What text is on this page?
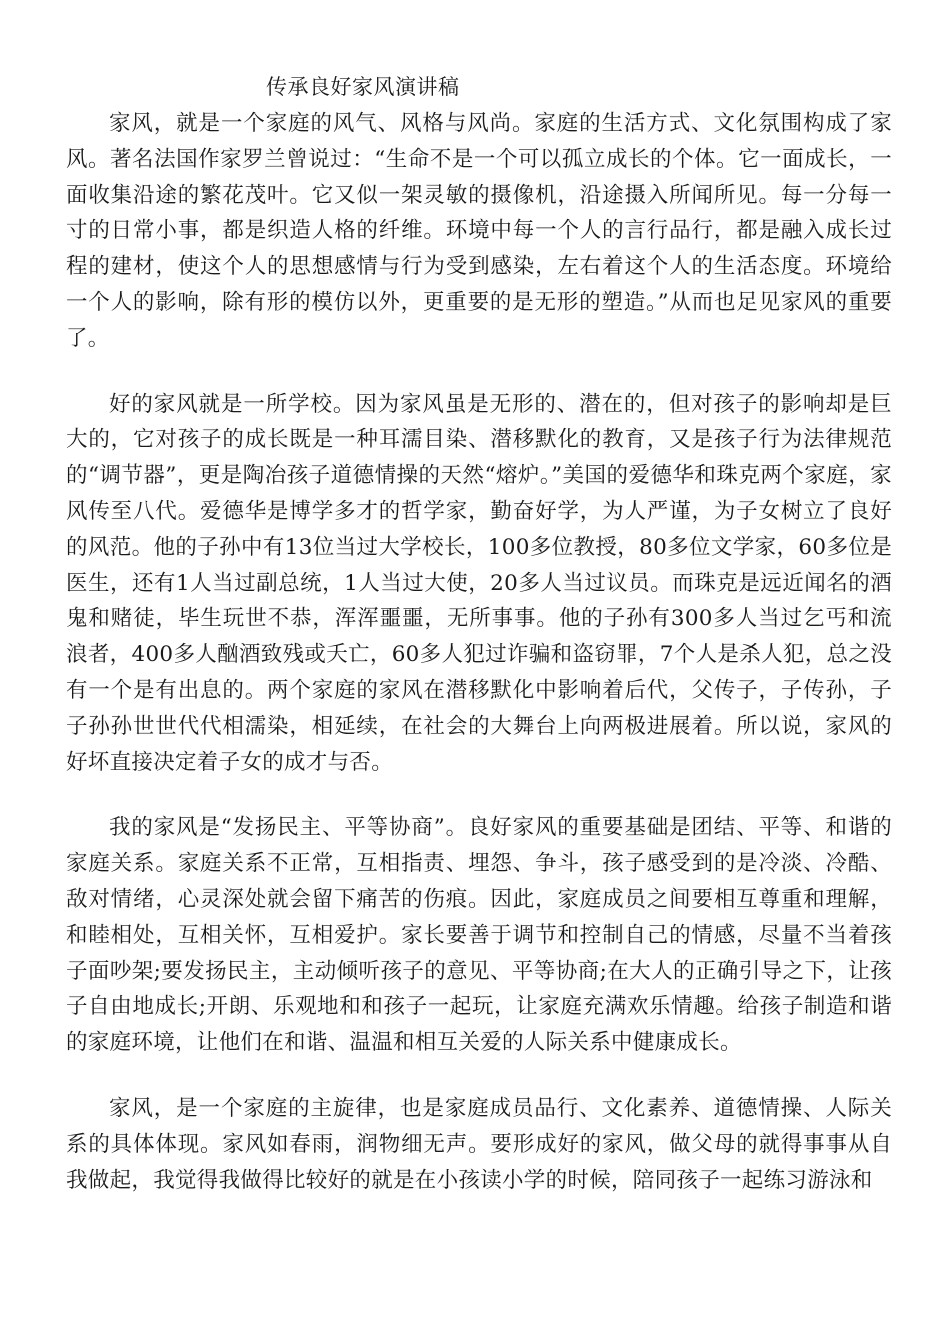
传承良好家风演讲稿

家风，就是一个家庭的风气、风格与风尚。家庭的生活方式、文化氛围构成了家风。著名法国作家罗兰曾说过：“生命不是一个可以孤立成长的个体。它一面成长，一面收集沿途的繁花茂叶。它又似一架灵敏的摄像机，沿途摄入所闻所见。每一分每一寸的日常小事，都是织造人格的纤维。环境中每一个人的言行品行，都是融入成长过程的建材，使这个人的思想感情与行为受到感染，左右着这个人的生活态度。环境给一个人的影响，除有形的模仿以外，更重要的是无形的塑造。”从而也足见家风的重要了。

好的家风就是一所学校。因为家风虽是无形的、潜在的，但对孩子的影响却是巨大的，它对孩子的成长既是一种耳濡目染、潜移默化的教育，又是孩子行为法律规范的“调节器”，更是陶冶孩子道德情操的天然“熔炉。”美国的爱德华和珠克两个家庭，家风传至八代。爱德华是博学多才的哲学家，勤奋好学，为人严谨，为子女树立了良好的风范。他的子孙中有13位当过大学校长，100多位教授，80多位文学家，60多位是医生，还有1人当过副总统，1人当过大使，20多人当过议员。而珠克是远近闻名的酒鬼和赌徒，毕生玩世不恭，浑浑噩噩，无所事事。他的子孙有300多人当过乞丐和流浪者，400多人酗酒致残或夭亡，60多人犯过诈骗和盗窃罪，7个人是杀人犯，总之没有一个是有出息的。两个家庭的家风在潜移默化中影响着后代，父传子，子传孙，子子孙孙世世代代相濡染，相延续，在社会的大舞台上向两极进展着。所以说，家风的好坏直接决定着子女的成才与否。

我的家风是“发扬民主、平等协商”。良好家风的重要基础是团结、平等、和谐的家庭关系。家庭关系不正常，互相指责、埋怨、争斗，孩子感受到的是冷淡、冷酷、敌对情绪，心灵深处就会留下痛苦的伤痕。因此，家庭成员之间要相互尊重和理解，和睦相处，互相关怀，互相爱护。家长要善于调节和控制自己的情感，尽量不当着孩子面吵架;要发扬民主，主动倾听孩子的意见、平等协商;在大人的正确引导之下，让孩子自由地成长;开朗、乐观地和和孩子一起玩，让家庭充满欢乐情趣。给孩子制造和谐的家庭环境，让他们在和谐、温温和相互关爱的人际关系中健康成长。

家风，是一个家庭的主旋律，也是家庭成员品行、文化素养、道德情操、人际关系的具体体现。家风如春雨，润物细无声。要形成好的家风，做父母的就得事事从自我做起，我觉得我做得比较好的就是在小孩读小学的时候，陪同孩子一起练习游泳和
